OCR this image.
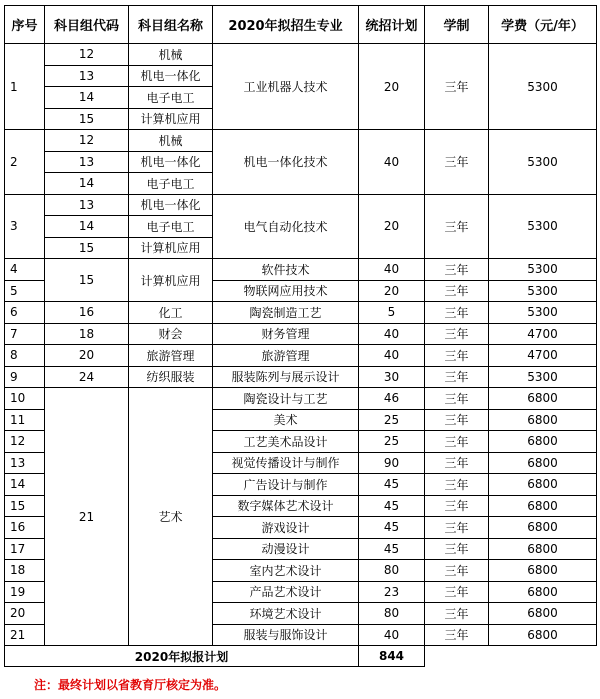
序号	科目组代码	科目组名称	2020年拟招生专业	统招计划	学制	学费（元/年）
1	12	机械	工业机器人技术	20	三年	5300
	13	机电一体化				
	14	电子电工				
	15	计算机应用				
2	12	机械	机电一体化技术	40	三年	5300
	13	机电一体化				
	14	电子电工				
3	13	机电一体化	电气自动化技术	20	三年	5300
	14	电子电工				
	15	计算机应用				
4	15	计算机应用	软件技术	40	三年	5300
5			物联网应用技术	20	三年	5300
6	16	化工	陶瓷制造工艺	5	三年	5300
7	18	财会	财务管理	40	三年	4700
8	20	旅游管理	旅游管理	40	三年	4700
9	24	纺织服装	服装陈列与展示设计	30	三年	5300
10	21	艺术	陶瓷设计与工艺	46	三年	6800
11			美术	25	三年	6800
12			工艺美术品设计	25	三年	6800
13			视觉传播设计与制作	90	三年	6800
14			广告设计与制作	45	三年	6800
15			数字媒体艺术设计	45	三年	6800
16			游戏设计	45	三年	6800
17			动漫设计	45	三年	6800
18			室内艺术设计	80	三年	6800
19			产品艺术设计	23	三年	6800
20			环境艺术设计	80	三年	6800
21			服装与服饰设计	40	三年	6800
2020年拟报计划				844		
注：最终计划以省教育厅核定为准。
